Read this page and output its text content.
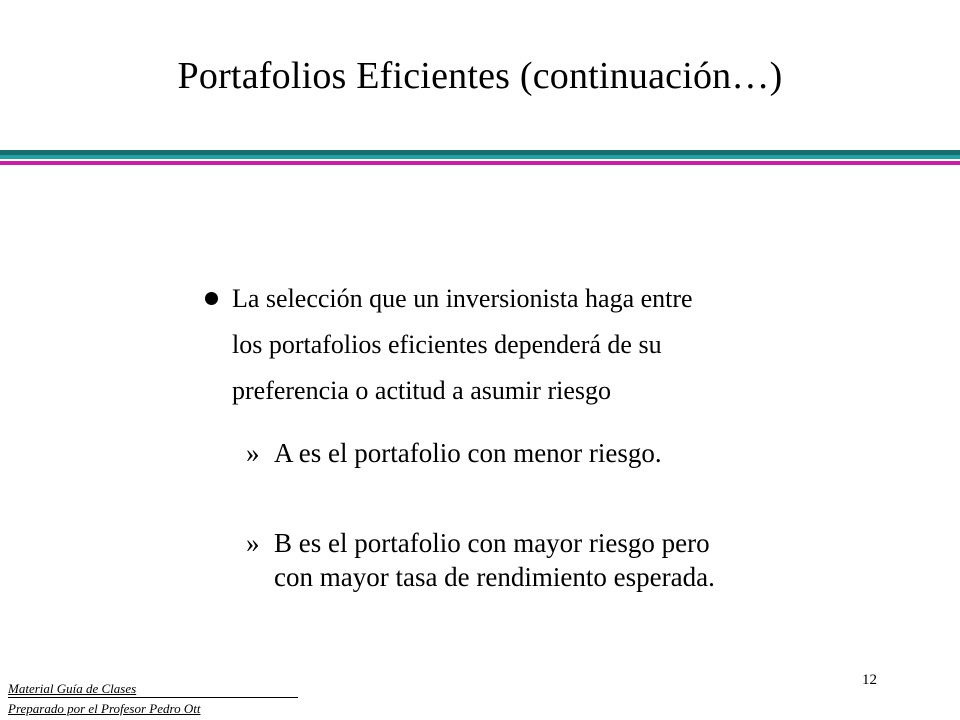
Portafolios Eficientes (continuación…)
La selección que un inversionista haga entre
los portafolios eficientes dependerá de su
preferencia o actitud a asumir riesgo
» A es el portafolio con menor riesgo.
» B es el portafolio con mayor riesgo pero
con mayor tasa de rendimiento esperada.
12
Material Guía de Clases
Preparado por el Profesor Pedro Ott
